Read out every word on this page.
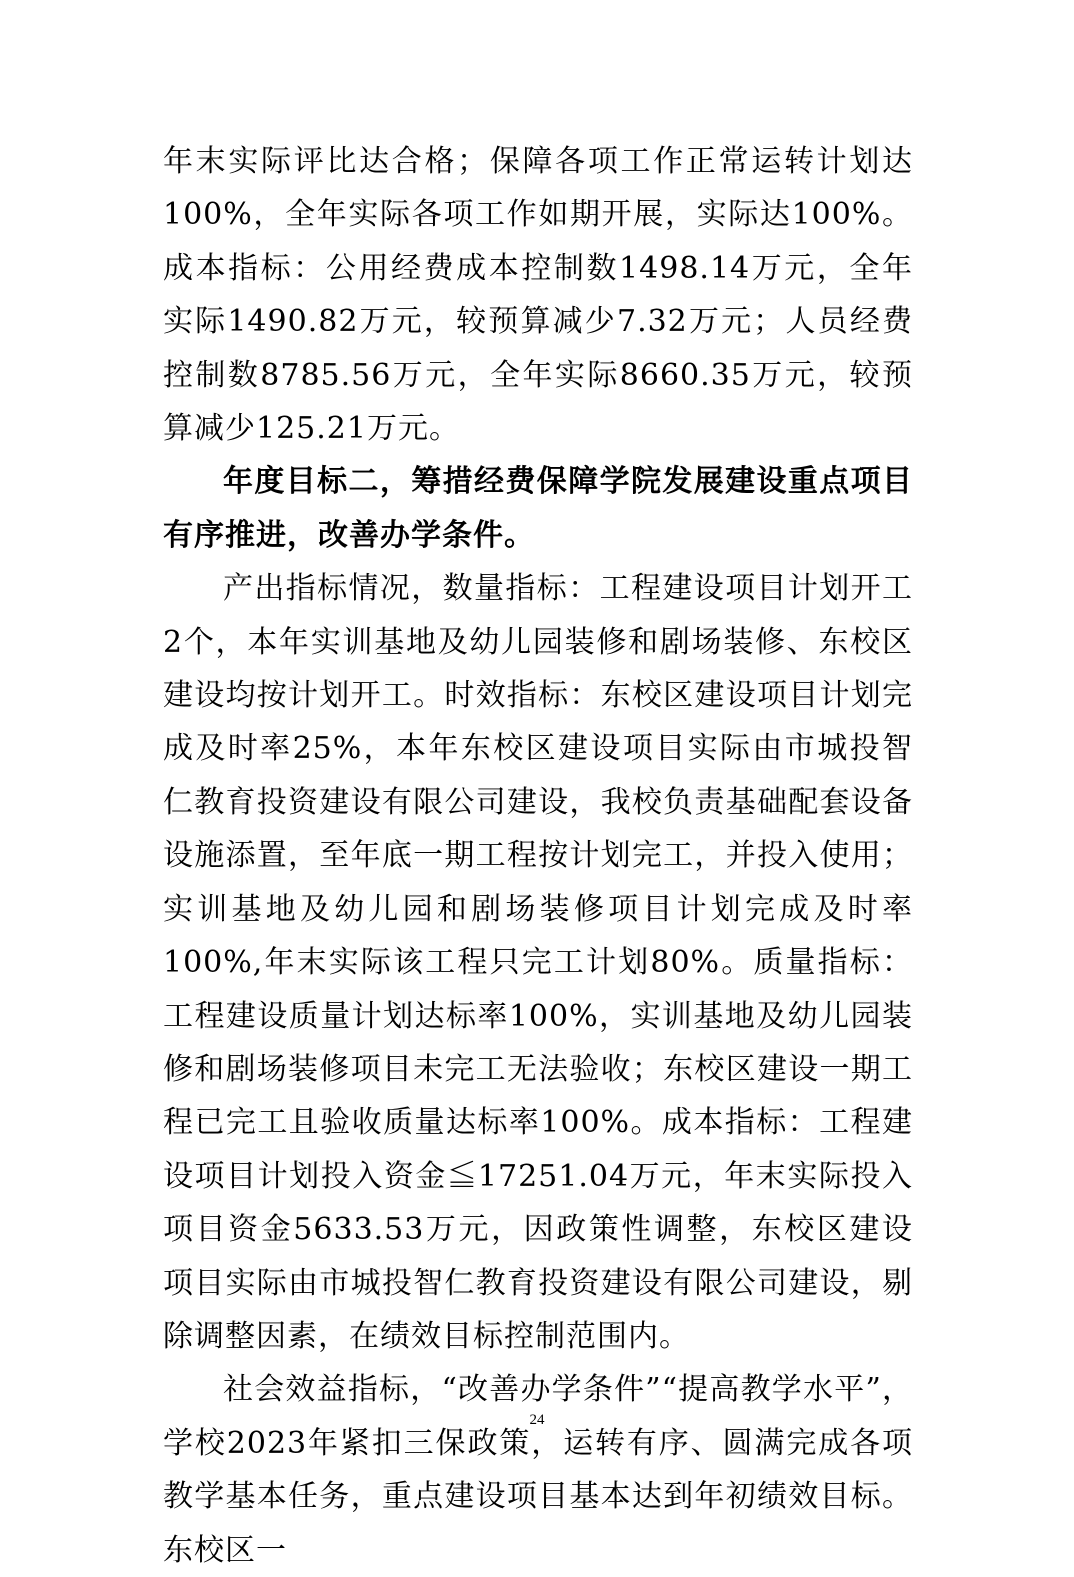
年末实际评比达合格；保障各项工作正常运转计划达100%，全年实际各项工作如期开展，实际达100%。成本指标：公用经费成本控制数1498.14万元，全年实际1490.82万元，较预算减少7.32万元；人员经费控制数8785.56万元，全年实际8660.35万元，较预算减少125.21万元。

年度目标二，筹措经费保障学院发展建设重点项目有序推进，改善办学条件。

产出指标情况，数量指标：工程建设项目计划开工2个，本年实训基地及幼儿园装修和剧场装修、东校区建设均按计划开工。时效指标：东校区建设项目计划完成及时率25%，本年东校区建设项目实际由市城投智仁教育投资建设有限公司建设，我校负责基础配套设备设施添置，至年底一期工程按计划完工，并投入使用；实训基地及幼儿园和剧场装修项目计划完成及时率100%,年末实际该工程只完工计划80%。质量指标：工程建设质量计划达标率100%，实训基地及幼儿园装修和剧场装修项目未完工无法验收；东校区建设一期工程已完工且验收质量达标率100%。成本指标：工程建设项目计划投入资金≦17251.04万元，年末实际投入项目资金5633.53万元，因政策性调整，东校区建设项目实际由市城投智仁教育投资建设有限公司建设，剔除调整因素，在绩效目标控制范围内。

社会效益指标，“改善办学条件”“提高教学水平”，学校2023年紧扣三保政策，运转有序、圆满完成各项教学基本任务，重点建设项目基本达到年初绩效目标。东校区一

24
